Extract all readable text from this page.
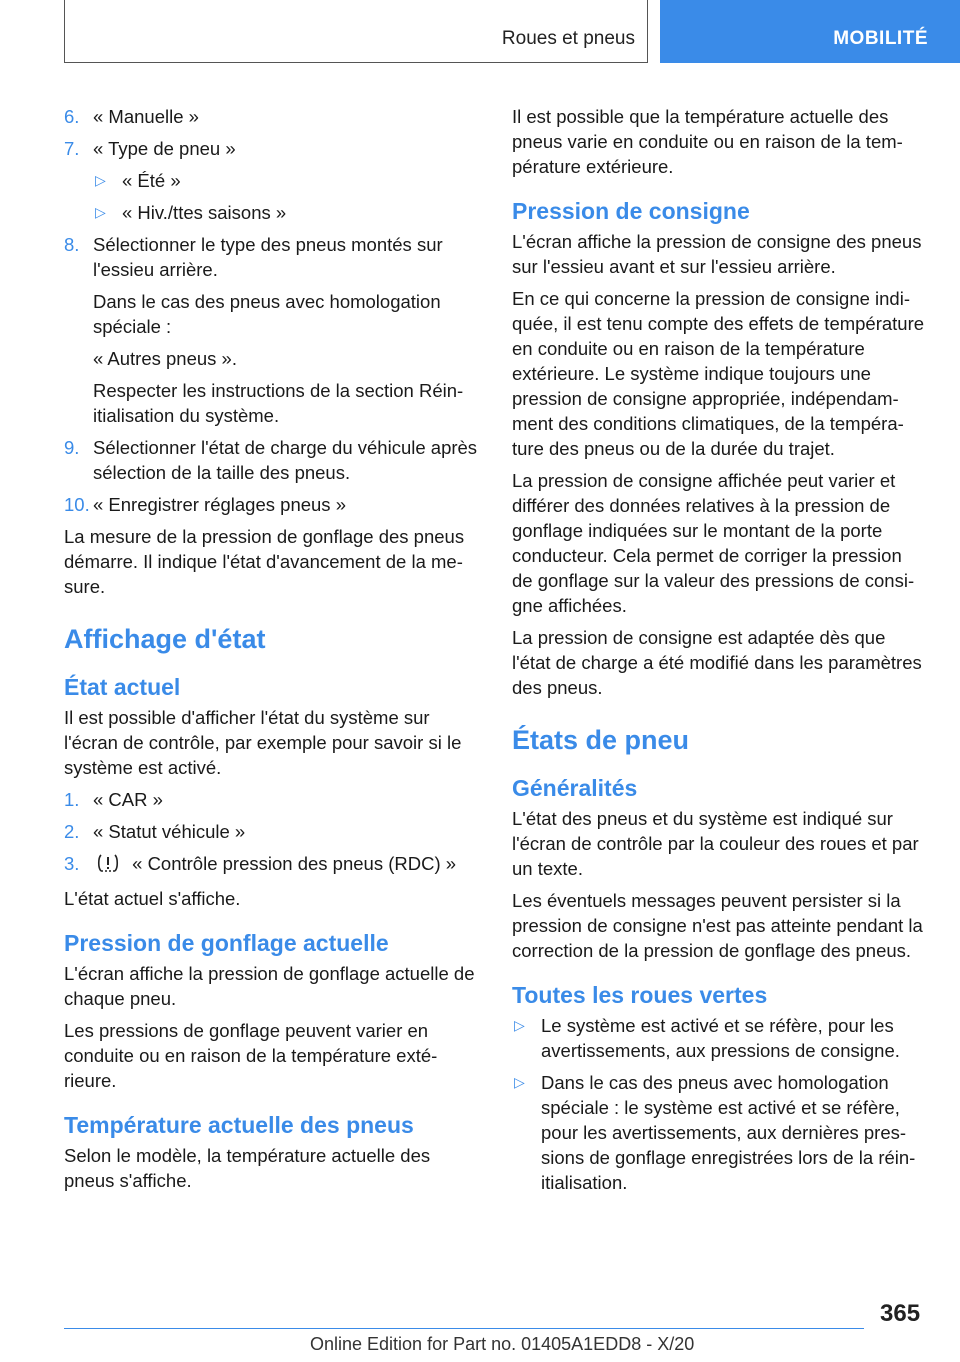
Roues et pneus	MOBILITÉ
6. « Manuelle »
7. « Type de pneu »
▷ « Été »
▷ « Hiv./ttes saisons »
8. Sélectionner le type des pneus montés sur l'essieu arrière.
Dans le cas des pneus avec homologation spéciale :
« Autres pneus ».
Respecter les instructions de la section Réinitialisation du système.
9. Sélectionner l'état de charge du véhicule après sélection de la taille des pneus.
10. « Enregistrer réglages pneus »

La mesure de la pression de gonflage des pneus démarre. Il indique l'état d'avancement de la mesure.

Affichage d'état
État actuel

Il est possible d'afficher l'état du système sur l'écran de contrôle, par exemple pour savoir si le système est activé.

1. « CAR »
2. « Statut véhicule »
3.	« Contrôle pression des pneus (RDC) »

L'état actuel s'affiche.

Pression de gonflage actuelle

L'écran affiche la pression de gonflage actuelle de chaque pneu.

Les pressions de gonflage peuvent varier en conduite ou en raison de la température extérieure.

Température actuelle des pneus

Selon le modèle, la température actuelle des pneus s'affiche.

Il est possible que la température actuelle des pneus varie en conduite ou en raison de la température extérieure.

Pression de consigne

L'écran affiche la pression de consigne des pneus sur l'essieu avant et sur l'essieu arrière.

En ce qui concerne la pression de consigne indiquée, il est tenu compte des effets de température en conduite ou en raison de la température extérieure. Le système indique toujours une pression de consigne appropriée, indépendamment des conditions climatiques, de la température des pneus ou de la durée du trajet.

La pression de consigne affichée peut varier et différer des données relatives à la pression de gonflage indiquées sur le montant de la porte conducteur. Cela permet de corriger la pression de gonflage sur la valeur des pressions de consigne affichées.

La pression de consigne est adaptée dès que l'état de charge a été modifié dans les paramètres des pneus.

États de pneu
Généralités

L'état des pneus et du système est indiqué sur l'écran de contrôle par la couleur des roues et par un texte.

Les éventuels messages peuvent persister si la pression de consigne n'est pas atteinte pendant la correction de la pression de gonflage des pneus.

Toutes les roues vertes
▷ Le système est activé et se réfère, pour les avertissements, aux pressions de consigne.
▷ Dans le cas des pneus avec homologation spéciale : le système est activé et se réfère, pour les avertissements, aux dernières pressions de gonflage enregistrées lors de la réinitialisation.
365
Online Edition for Part no. 01405A1EDD8 - X/20
